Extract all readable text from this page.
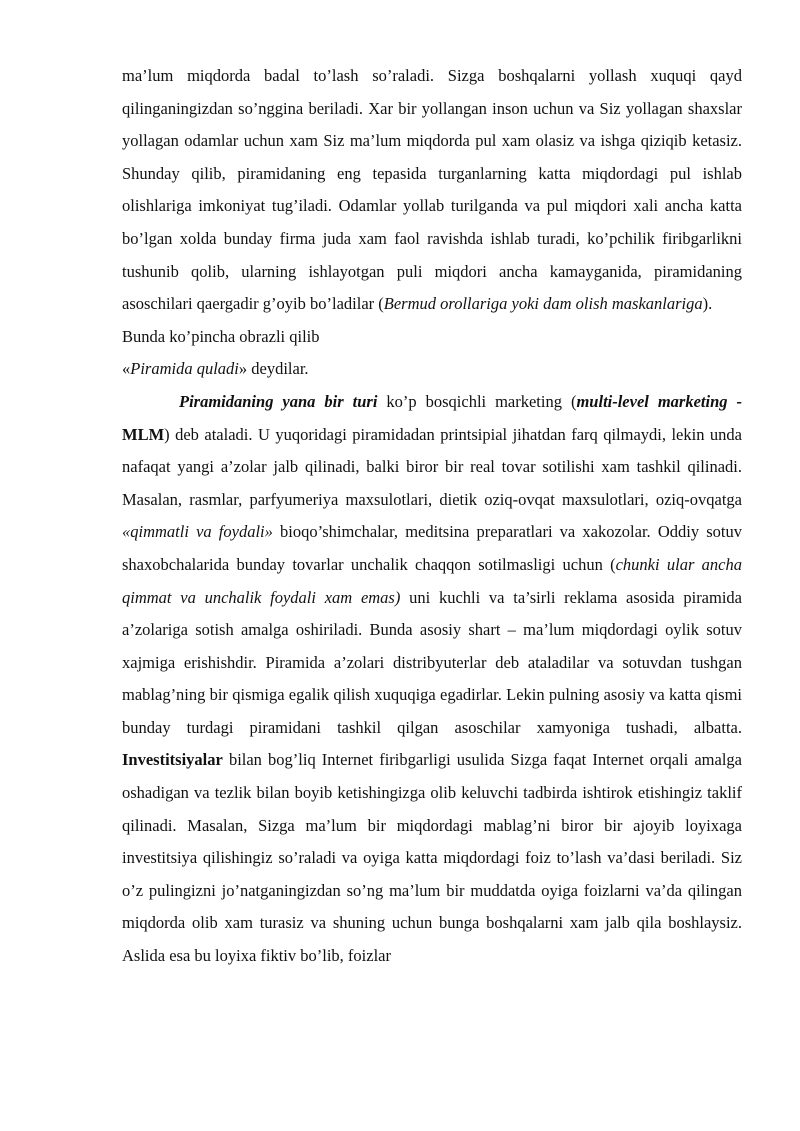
ma’lum miqdorda badal to’lash so’raladi. Sizga boshqalarni yollash xuquqi qayd qilinganingizdan so’nggina beriladi. Xar bir yollangan inson uchun va Siz yollagan shaxslar yollagan odamlar uchun xam Siz ma’lum miqdorda pul xam olasiz va ishga qiziqib ketasiz. Shunday qilib, piramidaning eng tepasida turganlarning katta miqdordagi pul ishlab olishlariga imkoniyat tug’iladi. Odamlar yollab turilganda va pul miqdori xali ancha katta bo’lgan xolda bunday firma juda xam faol ravishda ishlab turadi, ko’pchilik firibgarlikni tushunib qolib, ularning ishlayotgan puli miqdori ancha kamayganida, piramidaning asoschilari qaergadir g’oyib bo’ladilar (Bermud orollariga yoki dam olish maskanlariga).
Bunda ko’pincha obrazli qilib
«Piramida quladi» deydilar.

Piramidaning yana bir turi ko’p bosqichli marketing (multi-level marketing - MLM) deb ataladi. U yuqoridagi piramidadan printsipial jihatdan farq qilmaydi, lekin unda nafaqat yangi a’zolar jalb qilinadi, balki biror bir real tovar sotilishi xam tashkil qilinadi. Masalan, rasmlar, parfyumeriya maxsulotlari, dietik oziq-ovqat maxsulotlari, oziq-ovqatga «qimmatli va foydali» bioqo’shimchalar, meditsina preparatlari va xakozolar. Oddiy sotuv shaxobchalarida bunday tovarlar unchalik chaqqon sotilmasligi uchun (chunki ular ancha qimmat va unchalik foydali xam emas) uni kuchli va ta’sirli reklama asosida piramida a’zolariga sotish amalga oshiriladi. Bunda asosiy shart – ma’lum miqdordagi oylik sotuv xajmiga erishishdir. Piramida a’zolari distribyuterlar deb ataladilar va sotuvdan tushgan mablag’ning bir qismiga egalik qilish xuquqiga egadirlar. Lekin pulning asosiy va katta qismi bunday turdagi piramidani tashkil qilgan asoschilar xamyoniga tushadi, albatta. Investitsiyalar bilan bog’liq Internet firibgarligi usulida Sizga faqat Internet orqali amalga oshadigan va tezlik bilan boyib ketishingizga olib keluvchi tadbirda ishtirok etishingiz taklif qilinadi. Masalan, Sizga ma’lum bir miqdordagi mablag’ni biror bir ajoyib loyixaga investitsiya qilishingiz so’raladi va oyiga katta miqdordagi foiz to’lash va’dasi beriladi. Siz o’z pulingizni jo’natganingizdan so’ng ma’lum bir muddatda oyiga foizlarni va’da qilingan miqdorda olib xam turasiz va shuning uchun bunga boshqalarni xam jalb qila boshlaysiz. Aslida esa bu loyixa fiktiv bo’lib, foizlar
